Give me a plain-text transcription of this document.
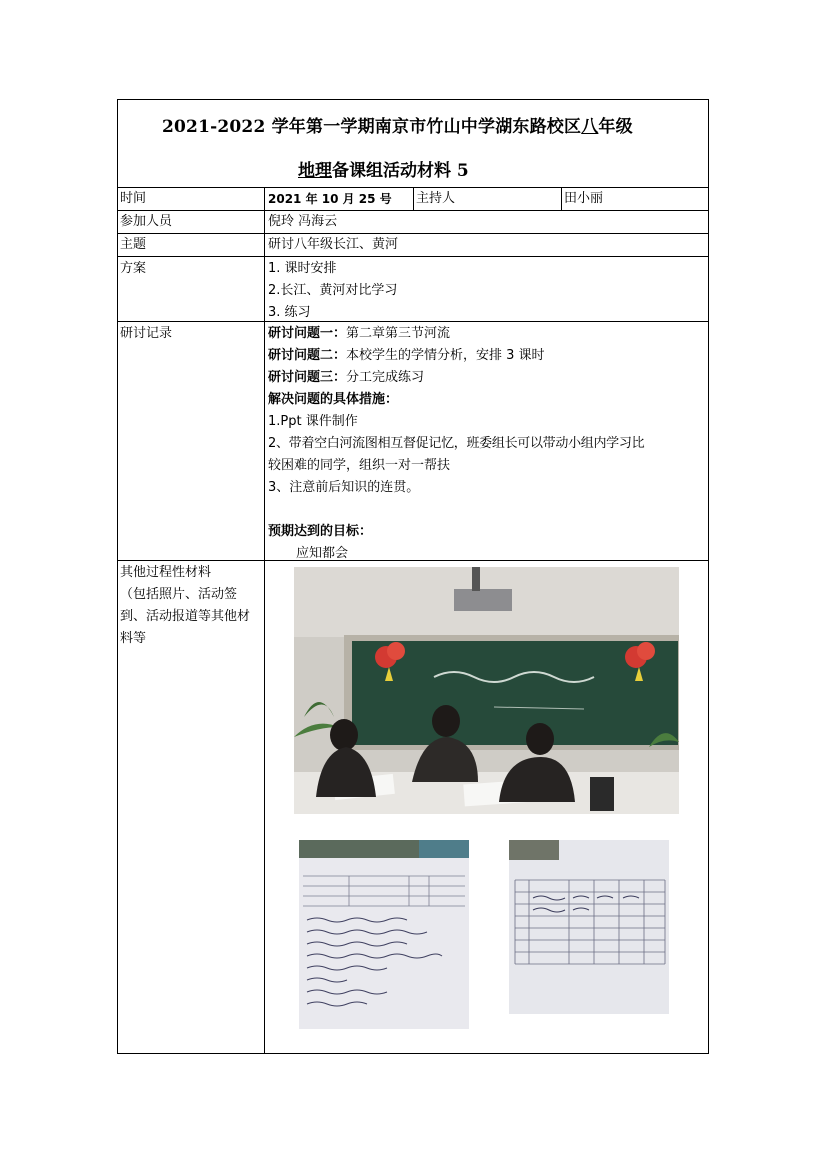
2021-2022 学年第一学期南京市竹山中学湖东路校区八年级
地理备课组活动材料 5
时间	2021 年 10 月 25 号	主持人	田小丽
参加人员	倪玲 冯海云
主题	研讨八年级长江、黄河
方案	1. 课时安排
2.长江、黄河对比学习
3. 练习
研讨记录	研讨问题一：第二章第三节河流
研讨问题二：本校学生的学情分析，安排 3 课时
研讨问题三：分工完成练习
解决问题的具体措施：
1.Ppt 课件制作
2、带着空白河流图相互督促记忆，班委组长可以带动小组内学习比
较困难的同学，组织一对一帮扶
3、注意前后知识的连贯。
预期达到的目标：
应知都会
其他过程性材料
（包括照片、活动签
到、活动报道等其他材
料等
